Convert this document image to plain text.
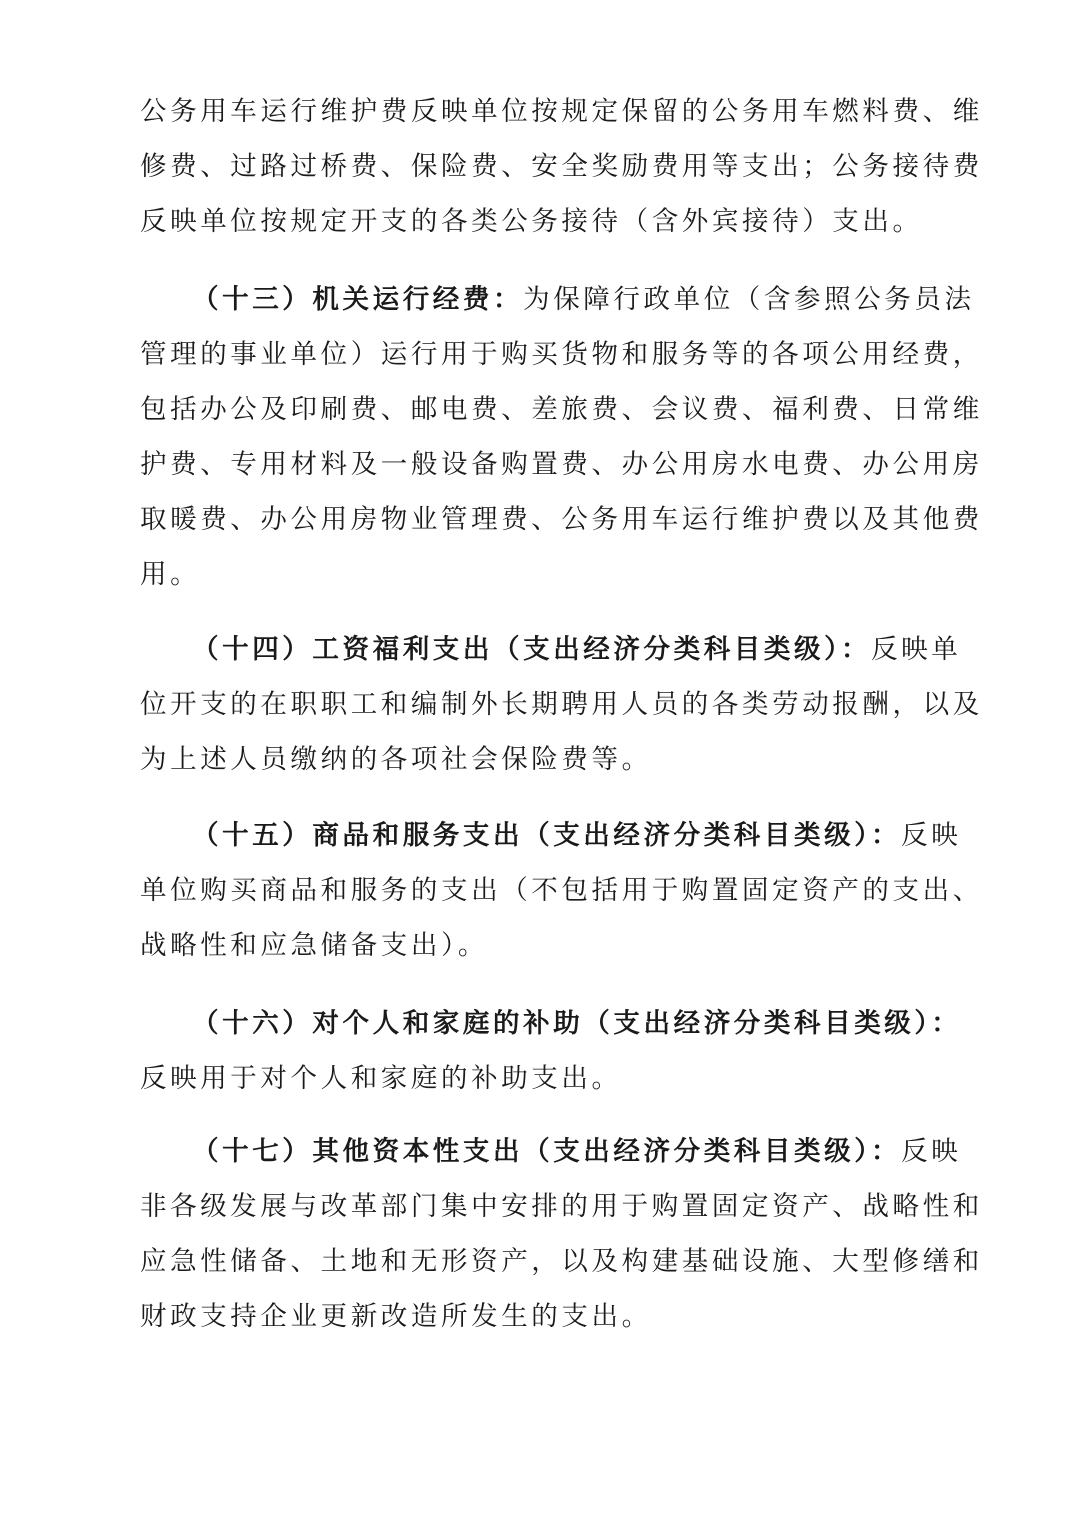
公务用车运行维护费反映单位按规定保留的公务用车燃料费、维
修费、过路过桥费、保险费、安全奖励费用等支出；公务接待费
反映单位按规定开支的各类公务接待（含外宾接待）支出。
（十三）机关运行经费：为保障行政单位（含参照公务员法
管理的事业单位）运行用于购买货物和服务等的各项公用经费，
包括办公及印刷费、邮电费、差旅费、会议费、福利费、日常维
护费、专用材料及一般设备购置费、办公用房水电费、办公用房
取暖费、办公用房物业管理费、公务用车运行维护费以及其他费
用。
（十四）工资福利支出（支出经济分类科目类级）：反映单
位开支的在职职工和编制外长期聘用人员的各类劳动报酬，以及
为上述人员缴纳的各项社会保险费等。
（十五）商品和服务支出（支出经济分类科目类级）：反映
单位购买商品和服务的支出（不包括用于购置固定资产的支出、
战略性和应急储备支出）。
（十六）对个人和家庭的补助（支出经济分类科目类级）：
反映用于对个人和家庭的补助支出。
（十七）其他资本性支出（支出经济分类科目类级）：反映
非各级发展与改革部门集中安排的用于购置固定资产、战略性和
应急性储备、土地和无形资产，以及构建基础设施、大型修缮和
财政支持企业更新改造所发生的支出。
